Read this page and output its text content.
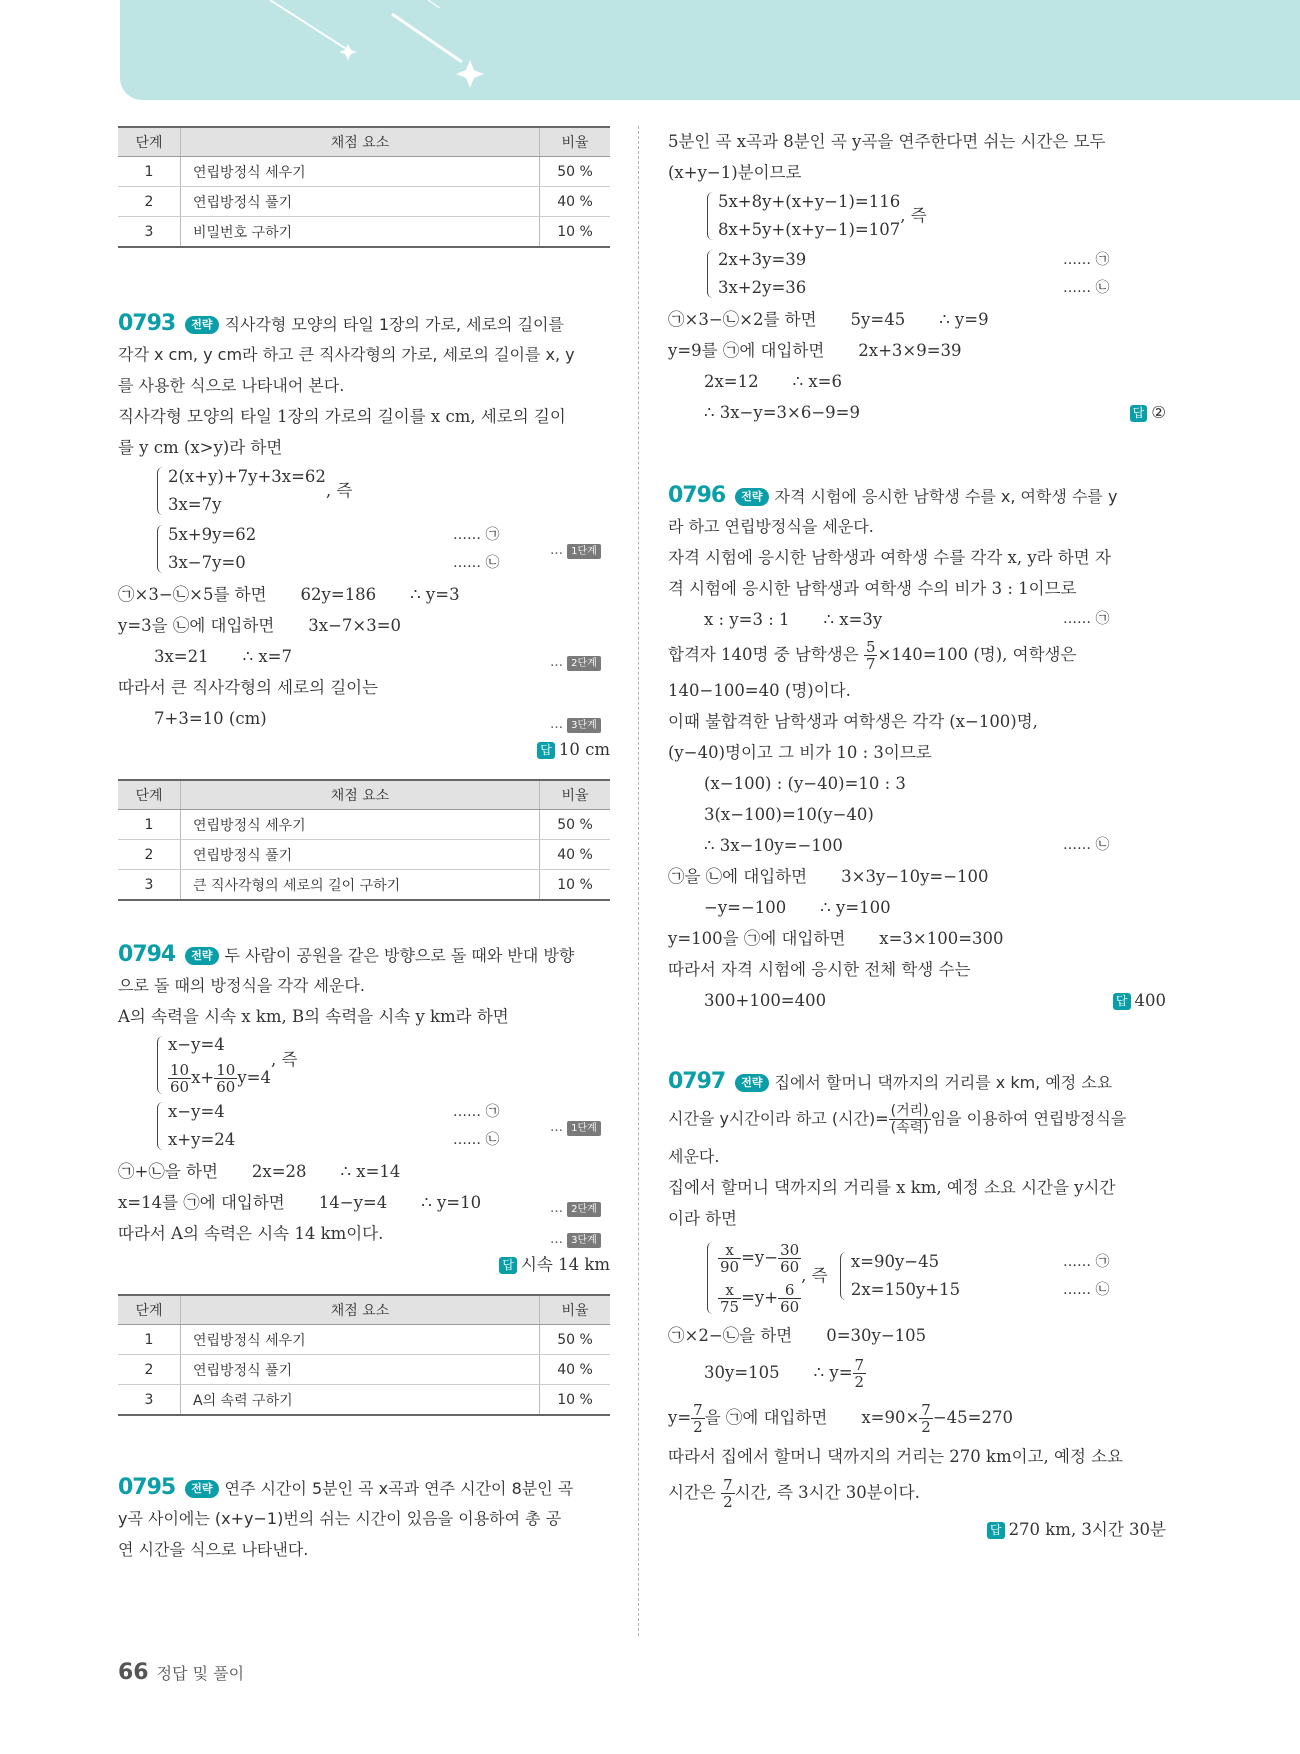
단계	채점 요소	비율
1	연립방정식 세우기	50 %
2	연립방정식 풀기	40 %
3	비밀번호 구하기	10 %
0793 전략 직사각형 모양의 타일 1장의 가로, 세로의 길이를
각각 x cm, y cm라 하고 큰 직사각형의 가로, 세로의 길이를 x, y
를 사용한 식으로 나타내어 본다.
직사각형 모양의 타일 1장의 가로의 길이를 x cm, 세로의 길이
를 y cm (x>y)라 하면
2(x+y)+7y+3x=62
3x=7y
, 즉
5x+9y=62
3x−7y=0
…… ㉠
…… ㉡
… 1단계
㉠×3−㉡×5를 하면 62y=186 ∴ y=3
y=3을 ㉡에 대입하면 3x−7×3=0
3x=21 ∴ x=7	… 2단계
따라서 큰 직사각형의 세로의 길이는
7+3=10 (cm)	… 3단계
답 10 cm
단계	채점 요소	비율
1	연립방정식 세우기	50 %
2	연립방정식 풀기	40 %
3	큰 직사각형의 세로의 길이 구하기	10 %
0794 전략 두 사람이 공원을 같은 방향으로 돌 때와 반대 방향
으로 돌 때의 방정식을 각각 세운다.
A의 속력을 시속 x km, B의 속력을 시속 y km라 하면
x−y=4
$\frac{10}{60} x+ \frac{10}{60} y=4$
, 즉
x−y=4
x+y=24
…… ㉠
…… ㉡
… 1단계
㉠+㉡을 하면 2x=28 ∴ x=14
x=14를 ㉠에 대입하면 14−y=4 ∴ y=10	… 2단계
따라서 A의 속력은 시속 14 km이다.	… 3단계
답 시속 14 km
단계	채점 요소	비율
1	연립방정식 세우기	50 %
2	연립방정식 풀기	40 %
3	A의 속력 구하기	10 %
0795 전략 연주 시간이 5분인 곡 x곡과 연주 시간이 8분인 곡
y곡 사이에는 (x+y−1)번의 쉬는 시간이 있음을 이용하여 총 공
연 시간을 식으로 나타낸다.
5분인 곡 x곡과 8분인 곡 y곡을 연주한다면 쉬는 시간은 모두
(x+y−1)분이므로
5x+8y+(x+y−1)=116
8x+5y+(x+y−1)=107
, 즉
2x+3y=39
3x+2y=36
…… ㉠
…… ㉡
㉠×3−㉡×2를 하면 5y=45 ∴ y=9
y=9를 ㉠에 대입하면 2x+3×9=39
2x=12 ∴ x=6
∴ 3x−y=3×6−9=9	답 ②
0796 전략 자격 시험에 응시한 남학생 수를 x, 여학생 수를 y
라 하고 연립방정식을 세운다.
자격 시험에 응시한 남학생과 여학생 수를 각각 x, y라 하면 자
격 시험에 응시한 남학생과 여학생 수의 비가 3 : 1이므로
x : y=3 : 1 ∴ x=3y	…… ㉠
합격자 140명 중 남학생은 $\frac{5}{7} \times 140=100$ (명), 여학생은
140−100=40 (명)이다.
이때 불합격한 남학생과 여학생은 각각 (x−100)명,
(y−40)명이고 그 비가 10 : 3이므로
(x−100) : (y−40)=10 : 3
3(x−100)=10(y−40)
∴ 3x−10y=−100	…… ㉡
㉠을 ㉡에 대입하면 3×3y−10y=−100
−y=−100 ∴ y=100
y=100을 ㉠에 대입하면 x=3×100=300
따라서 자격 시험에 응시한 전체 학생 수는
300+100=400	답 400
0797 전략 집에서 할머니 댁까지의 거리를 x km, 예정 소요
시간을 y시간이라 하고 (시간)= $\frac{\text{(거리)}}{\text{(속력)}}$ 임을 이용하여 연립방정식을
세운다.
집에서 할머니 댁까지의 거리를 x km, 예정 소요 시간을 y시간
이라 하면
$\frac{x}{90} =y- \frac{30}{60}$
$\frac{x}{75} =y+ \frac{6}{60}$
, 즉
x=90y−45
2x=150y+15
…… ㉠
…… ㉡
㉠×2−㉡을 하면 0=30y−105
30y=105 ∴ $y= \frac{7}{2}$
$y= \frac{7}{2}$ 을 ㉠에 대입하면 $x=90\times \frac{7}{2} -45=270$
따라서 집에서 할머니 댁까지의 거리는 270 km이고, 예정 소요
시간은 $\frac{7}{2}$ 시간, 즉 3시간 30분이다.
답 270 km, 3시간 30분
66 정답 및 풀이
